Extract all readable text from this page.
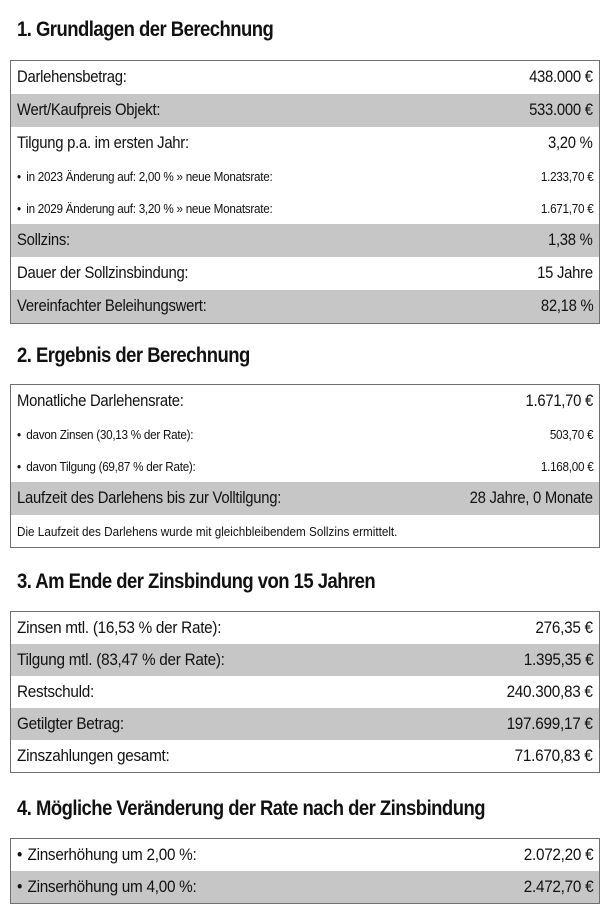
1. Grundlagen der Berechnung
Darlehensbetrag:	438.000 €
Wert/Kaufpreis Objekt:	533.000 €
Tilgung p.a. im ersten Jahr:	3,20 %
• in 2023 Änderung auf: 2,00 % » neue Monatsrate:	1.233,70 €
• in 2029 Änderung auf: 3,20 % » neue Monatsrate:	1.671,70 €
Sollzins:	1,38 %
Dauer der Sollzinsbindung:	15 Jahre
Vereinfachter Beleihungswert:	82,18 %
2. Ergebnis der Berechnung
Monatliche Darlehensrate:	1.671,70 €
• davon Zinsen (30,13 % der Rate):	503,70 €
• davon Tilgung (69,87 % der Rate):	1.168,00 €
Laufzeit des Darlehens bis zur Volltilgung:	28 Jahre, 0 Monate
Die Laufzeit des Darlehens wurde mit gleichbleibendem Sollzins ermittelt.
3. Am Ende der Zinsbindung von 15 Jahren
Zinsen mtl. (16,53 % der Rate):	276,35 €
Tilgung mtl. (83,47 % der Rate):	1.395,35 €
Restschuld:	240.300,83 €
Getilgter Betrag:	197.699,17 €
Zinszahlungen gesamt:	71.670,83 €
4. Mögliche Veränderung der Rate nach der Zinsbindung
• Zinserhöhung um 2,00 %:	2.072,20 €
• Zinserhöhung um 4,00 %:	2.472,70 €
